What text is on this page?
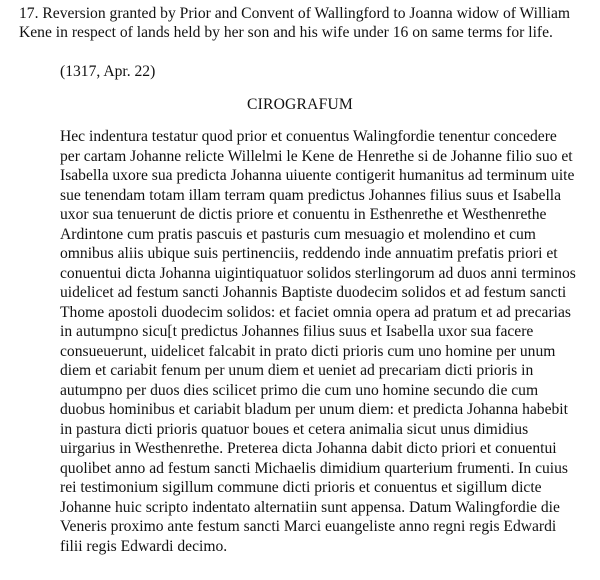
17. Reversion granted by Prior and Convent of Wallingford to Joanna widow of William
Kene in respect of lands held by her son and his wife under 16 on same terms for life.
(1317, Apr. 22)
CIROGRAFUM
Hec indentura testatur quod prior et conuentus Walingfordie tenentur concedere
per cartam Johanne relicte Willelmi le Kene de Henrethe si de Johanne filio suo et
Isabella uxore sua predicta Johanna uiuente contigerit humanitus ad terminum uite
sue tenendam totam illam terram quam predictus Johannes filius suus et Isabella
uxor sua tenuerunt de dictis priore et conuentu in Esthenrethe et Westhenrethe
Ardintone cum pratis pascuis et pasturis cum mesuagio et molendino et cum
omnibus aliis ubique suis pertinenciis, reddendo inde annuatim prefatis priori et
conuentui dicta Johanna uigintiquatuor solidos sterlingorum ad duos anni terminos
uidelicet ad festum sancti Johannis Baptiste duodecim solidos et ad festum sancti
Thome apostoli duodecim solidos: et faciet omnia opera ad pratum et ad precarias
in autumpno sicu[t predictus Johannes filius suus et Isabella uxor sua facere
consueuerunt, uidelicet falcabit in prato dicti prioris cum uno homine per unum
diem et cariabit fenum per unum diem et ueniet ad precariam dicti prioris in
autumpno per duos dies scilicet primo die cum uno homine secundo die cum
duobus hominibus et cariabit bladum per unum diem: et predicta Johanna habebit
in pastura dicti prioris quatuor boues et cetera animalia sicut unus dimidius
uirgarius in Westhenrethe. Preterea dicta Johanna dabit dicto priori et conuentui
quolibet anno ad festum sancti Michaelis dimidium quarterium frumenti. In cuius
rei testimonium sigillum commune dicti prioris et conuentus et sigillum dicte
Johanne huic scripto indentato alternatiin sunt appensa. Datum Walingfordie die
Veneris proximo ante festum sancti Marci euangeliste anno regni regis Edwardi
filii regis Edwardi decimo.
